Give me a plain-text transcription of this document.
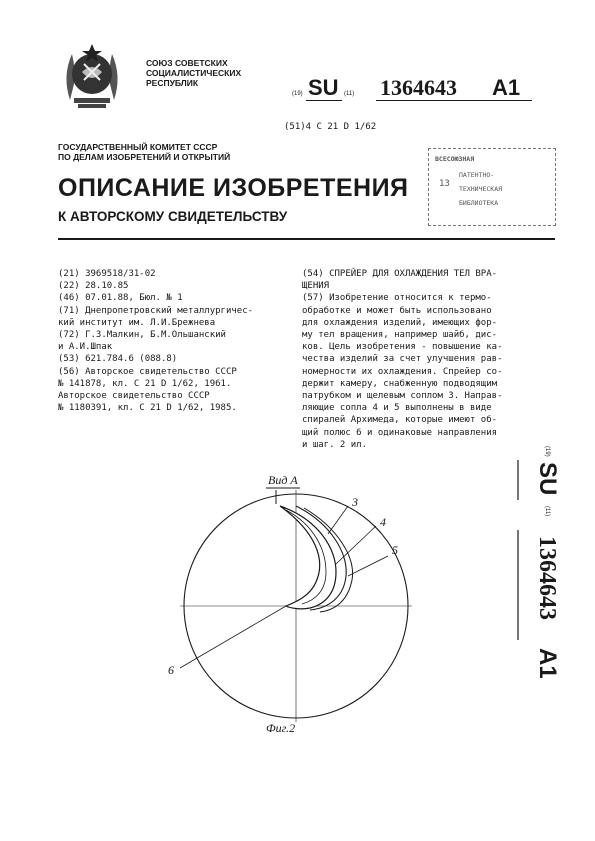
СОЮЗ СОВЕТСКИХ
СОЦИАЛИСТИЧЕСКИХ
РЕСПУБЛИК
(19) SU (11) 1364643 A1
(51)4 С 21 D 1/62
ГОСУДАРСТВЕННЫЙ КОМИТЕТ СССР
ПО ДЕЛАМ ИЗОБРЕТЕНИЙ И ОТКРЫТИЙ	ВСЕСОЮЗНАЯ
ПАТЕНТНО-
ТЕХНИЧЕСКАЯ
БИБЛИОТЕКА
13
ОПИСАНИЕ ИЗОБРЕТЕНИЯ
К АВТОРСКОМУ СВИДЕТЕЛЬСТВУ
(21) 3969518/31-02
(22) 28.10.85
(46) 07.01.88, Бюл. № 1
(71) Днепропетровский металлургичес-
кий институт им. Л.И.Брежнева
(72) Г.З.Малкин, Б.М.Ольшанский
и А.И.Шпак
(53) 621.784.6 (088.8)
(56) Авторское свидетельство СССР
№ 141878, кл. С 21 D 1/62, 1961.
Авторское свидетельство СССР
№ 1180391, кл. С 21 D 1/62, 1985.
(54) СПРЕЙЕР ДЛЯ ОХЛАЖДЕНИЯ ТЕЛ ВРА-
ЩЕНИЯ
(57) Изобретение относится к термо-
обработке и может быть использовано
для охлаждения изделий, имеющих фор-
му тел вращения, например шайб, дис-
ков. Цель изобретения - повышение ка-
чества изделий за счет улучшения рав-
номерности их охлаждения. Спрейер со-
держит камеру, снабженную подводящим
патрубком и щелевым соплом 3. Направ-
ляющие сопла 4 и 5 выполнены в виде
спиралей Архимеда, которые имеют об-
щий полюс 6 и одинаковые направления
и шаг. 2 ил.
Вид А
3
4
5
6
Фиг.2
(19)
SU
(11)
1364643
A1
